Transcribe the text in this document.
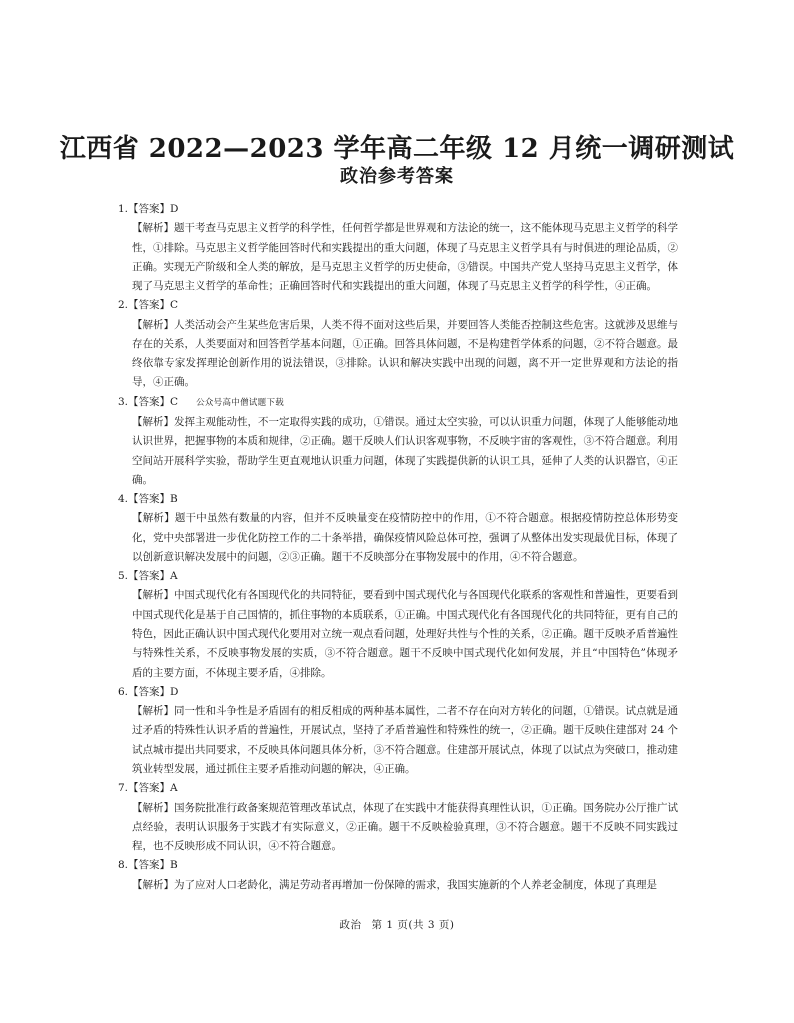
江西省 2022—2023 学年高二年级 12 月统一调研测试
政治参考答案
1.【答案】D
【解析】题干考查马克思主义哲学的科学性，任何哲学都是世界观和方法论的统一，这不能体现马克思主义哲学的科学性，①排除。马克思主义哲学能回答时代和实践提出的重大问题，体现了马克思主义哲学具有与时俱进的理论品质，②正确。实现无产阶级和全人类的解放，是马克思主义哲学的历史使命，③错误。中国共产党人坚持马克思主义哲学，体现了马克思主义哲学的革命性；正确回答时代和实践提出的重大问题，体现了马克思主义哲学的科学性，④正确。
2.【答案】C
【解析】人类活动会产生某些危害后果，人类不得不面对这些后果，并要回答人类能否控制这些危害。这就涉及思维与存在的关系，人类要面对和回答哲学基本问题，①正确。回答具体问题，不是构建哲学体系的问题，②不符合题意。最终依靠专家发挥理论创新作用的说法错误，③排除。认识和解决实践中出现的问题，离不开一定世界观和方法论的指导，④正确。
3.【答案】C 公众号高中僧试题下载
【解析】发挥主观能动性，不一定取得实践的成功，①错误。通过太空实验，可以认识重力问题，体现了人能够能动地认识世界，把握事物的本质和规律，②正确。题干反映人们认识客观事物，不反映宇宙的客观性，③不符合题意。利用空间站开展科学实验，帮助学生更直观地认识重力问题，体现了实践提供新的认识工具，延伸了人类的认识器官，④正确。
4.【答案】B
【解析】题干中虽然有数量的内容，但并不反映量变在疫情防控中的作用，①不符合题意。根据疫情防控总体形势变化，党中央部署进一步优化防控工作的二十条举措，确保疫情风险总体可控，强调了从整体出发实现最优目标，体现了以创新意识解决发展中的问题，②③正确。题干不反映部分在事物发展中的作用，④不符合题意。
5.【答案】A
【解析】中国式现代化有各国现代化的共同特征，要看到中国式现代化与各国现代化联系的客观性和普遍性，更要看到中国式现代化是基于自己国情的，抓住事物的本质联系，①正确。中国式现代化有各国现代化的共同特征，更有自己的特色，因此正确认识中国式现代化要用对立统一观点看问题，处理好共性与个性的关系，②正确。题干反映矛盾普遍性与特殊性关系，不反映事物发展的实质，③不符合题意。题干不反映中国式现代化如何发展，并且“中国特色”体现矛盾的主要方面，不体现主要矛盾，④排除。
6.【答案】D
【解析】同一性和斗争性是矛盾固有的相反相成的两种基本属性，二者不存在向对方转化的问题，①错误。试点就是通过矛盾的特殊性认识矛盾的普遍性，开展试点，坚持了矛盾普遍性和特殊性的统一，②正确。题干反映住建部对 24 个试点城市提出共同要求，不反映具体问题具体分析，③不符合题意。住建部开展试点，体现了以试点为突破口，推动建筑业转型发展，通过抓住主要矛盾推动问题的解决，④正确。
7.【答案】A
【解析】国务院批准行政备案规范管理改革试点，体现了在实践中才能获得真理性认识，①正确。国务院办公厅推广试点经验，表明认识服务于实践才有实际意义，②正确。题干不反映检验真理，③不符合题意。题干不反映不同实践过程，也不反映形成不同认识，④不符合题意。
8.【答案】B
【解析】为了应对人口老龄化，满足劳动者再增加一份保障的需求，我国实施新的个人养老金制度，体现了真理是
政治 第 1 页(共 3 页)
